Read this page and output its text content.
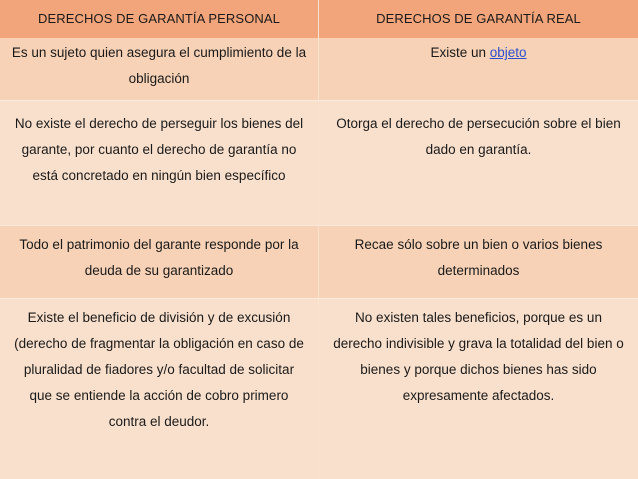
DERECHOS DE GARANTÍA PERSONAL	DERECHOS DE GARANTÍA REAL
Es un sujeto quien asegura el cumplimiento de la
obligación
Existe un objeto
No existe el derecho de perseguir los bienes del
garante, por cuanto el derecho de garantía no
está concretado en ningún bien específico
Otorga el derecho de persecución sobre el bien
dado en garantía.
Todo el patrimonio del garante responde por la
deuda de su garantizado
Recae sólo sobre un bien o varios bienes
determinados
Existe el beneficio de división y de excusión
(derecho de fragmentar la obligación en caso de
pluralidad de fiadores y/o facultad de solicitar
que se entiende la acción de cobro primero
contra el deudor.
No existen tales beneficios, porque es un
derecho indivisible y grava la totalidad del bien o
bienes y porque dichos bienes has sido
expresamente afectados.
